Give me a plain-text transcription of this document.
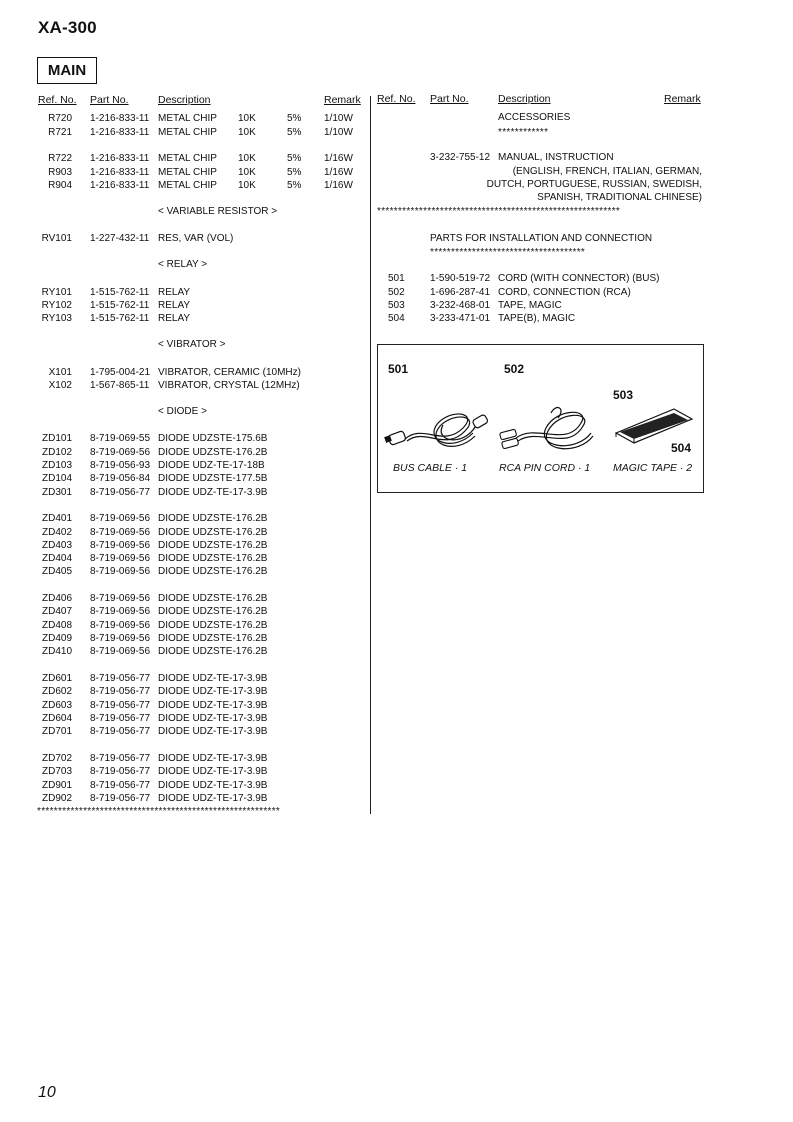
XA-300
MAIN
Ref. No. Part No.	Description	Remark Ref. No. Part No.	Description	Remark
R720 1-216-833-11 METAL CHIP 10K	5% 1/10W
R721 1-216-833-11 METAL CHIP 10K	5% 1/10W
R722 1-216-833-11 METAL CHIP 10K	5% 1/16W
R903 1-216-833-11 METAL CHIP 10K	5% 1/16W
R904 1-216-833-11 METAL CHIP 10K	5% 1/16W
RV101 1-227-432-11 RES, VAR (VOL)
RY101 1-515-762-11 RELAY
RY102 1-515-762-11 RELAY
RY103 1-515-762-11 RELAY
X101 1-795-004-21 VIBRATOR, CERAMIC (10MHz)
X102 1-567-865-11 VIBRATOR, CRYSTAL (12MHz)
ZD101 8-719-069-55 DIODE UDZSTE-175.6B
ZD102 8-719-069-56 DIODE UDZSTE-176.2B
ZD103 8-719-056-93 DIODE UDZ-TE-17-18B
ZD104 8-719-056-84 DIODE UDZSTE-177.5B
ZD301 8-719-056-77 DIODE UDZ-TE-17-3.9B
ZD401 8-719-069-56 DIODE UDZSTE-176.2B
ZD402 8-719-069-56 DIODE UDZSTE-176.2B
ZD403 8-719-069-56 DIODE UDZSTE-176.2B
ZD404 8-719-069-56 DIODE UDZSTE-176.2B
ZD405 8-719-069-56 DIODE UDZSTE-176.2B
ZD406 8-719-069-56 DIODE UDZSTE-176.2B
ZD407 8-719-069-56 DIODE UDZSTE-176.2B
ZD408 8-719-069-56 DIODE UDZSTE-176.2B
ZD409 8-719-069-56 DIODE UDZSTE-176.2B
ZD410 8-719-069-56 DIODE UDZSTE-176.2B
ZD601 8-719-056-77 DIODE UDZ-TE-17-3.9B
ZD602 8-719-056-77 DIODE UDZ-TE-17-3.9B
ZD603 8-719-056-77 DIODE UDZ-TE-17-3.9B
ZD604 8-719-056-77 DIODE UDZ-TE-17-3.9B
ZD701 8-719-056-77 DIODE UDZ-TE-17-3.9B
ZD702 8-719-056-77 DIODE UDZ-TE-17-3.9B
ZD703 8-719-056-77 DIODE UDZ-TE-17-3.9B
ZD901 8-719-056-77 DIODE UDZ-TE-17-3.9B
ZD902 8-719-056-77 DIODE UDZ-TE-17-3.9B
< VARIABLE RESISTOR >
< RELAY >
< VIBRATOR >
< DIODE >
**********************************************************
ACCESSORIES
************
3-232-755-12 MANUAL, INSTRUCTION
(ENGLISH, FRENCH, ITALIAN, GERMAN,
DUTCH, PORTUGUESE, RUSSIAN, SWEDISH,
SPANISH, TRADITIONAL CHINESE)
**********************************************************
PARTS FOR INSTALLATION AND CONNECTION
*************************************
501	1-590-519-72 CORD (WITH CONNECTOR) (BUS)
502	1-696-287-41 CORD, CONNECTION (RCA)
503	3-232-468-01 TAPE, MAGIC
504	3-233-471-01 TAPE(B), MAGIC
501	502
503
504
BUS CABLE · 1	RCA PIN CORD · 1 MAGIC TAPE · 2
10
